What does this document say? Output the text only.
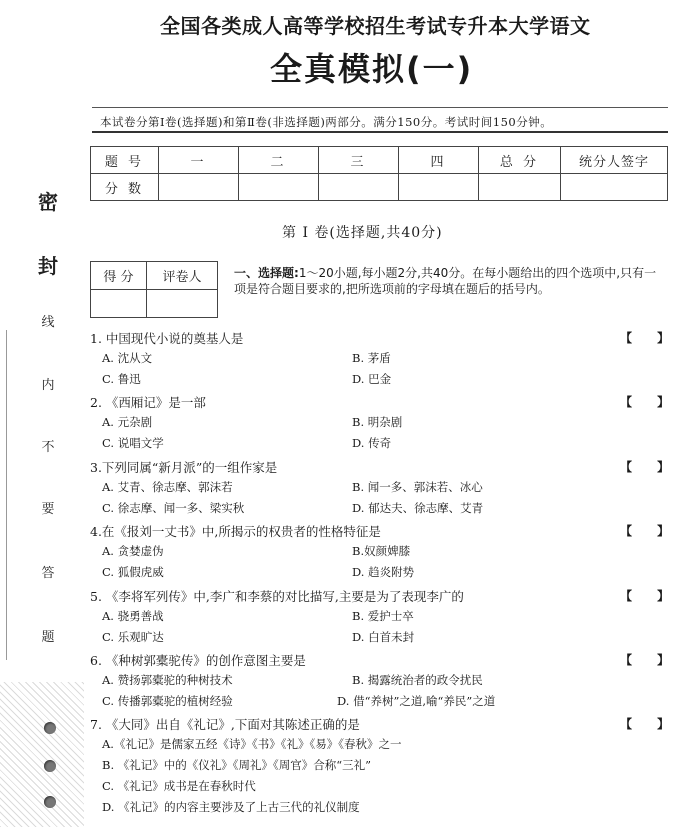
密
封
线
内
不
要
答
题
全国各类成人高等学校招生考试专升本大学语文
全真模拟(一)
本试卷分第Ⅰ卷(选择题)和第Ⅱ卷(非选择题)两部分。满分150分。考试时间150分钟。
题 号	一	二	三	四	总 分	统分人签字
分 数						
第 Ⅰ 卷(选择题,共40分)
得 分	评卷人
		一、选择题:1～20小题,每小题2分,共40分。在每小题给出的四个选项中,只有一项是符合题目要求的,把所选项前的字母填在题后的括号内。
1. 中国现代小说的奠基人是	【      】
A. 沈从文	B. 茅盾
C. 鲁迅	D. 巴金
2. 《西厢记》是一部	【      】
A. 元杂剧	B. 明杂剧
C. 说唱文学	D. 传奇
3.下列同属“新月派”的一组作家是	【      】
A. 艾青、徐志摩、郭沫若	B. 闻一多、郭沫若、冰心
C. 徐志摩、闻一多、梁实秋	D. 郁达夫、徐志摩、艾青
4.在《报刘一丈书》中,所揭示的权贵者的性格特征是	【      】
A. 贪婪虚伪	B.奴颜婢膝
C. 狐假虎威	D. 趋炎附势
5. 《李将军列传》中,李广和李蔡的对比描写,主要是为了表现李广的	【      】
A. 骁勇善战	B. 爱护士卒
C. 乐观旷达	D. 白首未封
6. 《种树郭橐驼传》的创作意图主要是	【      】
A. 赞扬郭橐驼的种树技术	B. 揭露统治者的政令扰民
C. 传播郭橐驼的植树经验	D. 借“养树”之道,喻“养民”之道
7. 《大同》出自《礼记》,下面对其陈述正确的是	【      】
A.《礼记》是儒家五经《诗》《书》《礼》《易》《春秋》之一
B. 《礼记》中的《仪礼》《周礼》《周官》合称“三礼”
C. 《礼记》成书是在春秋时代
D. 《礼记》的内容主要涉及了上古三代的礼仪制度
